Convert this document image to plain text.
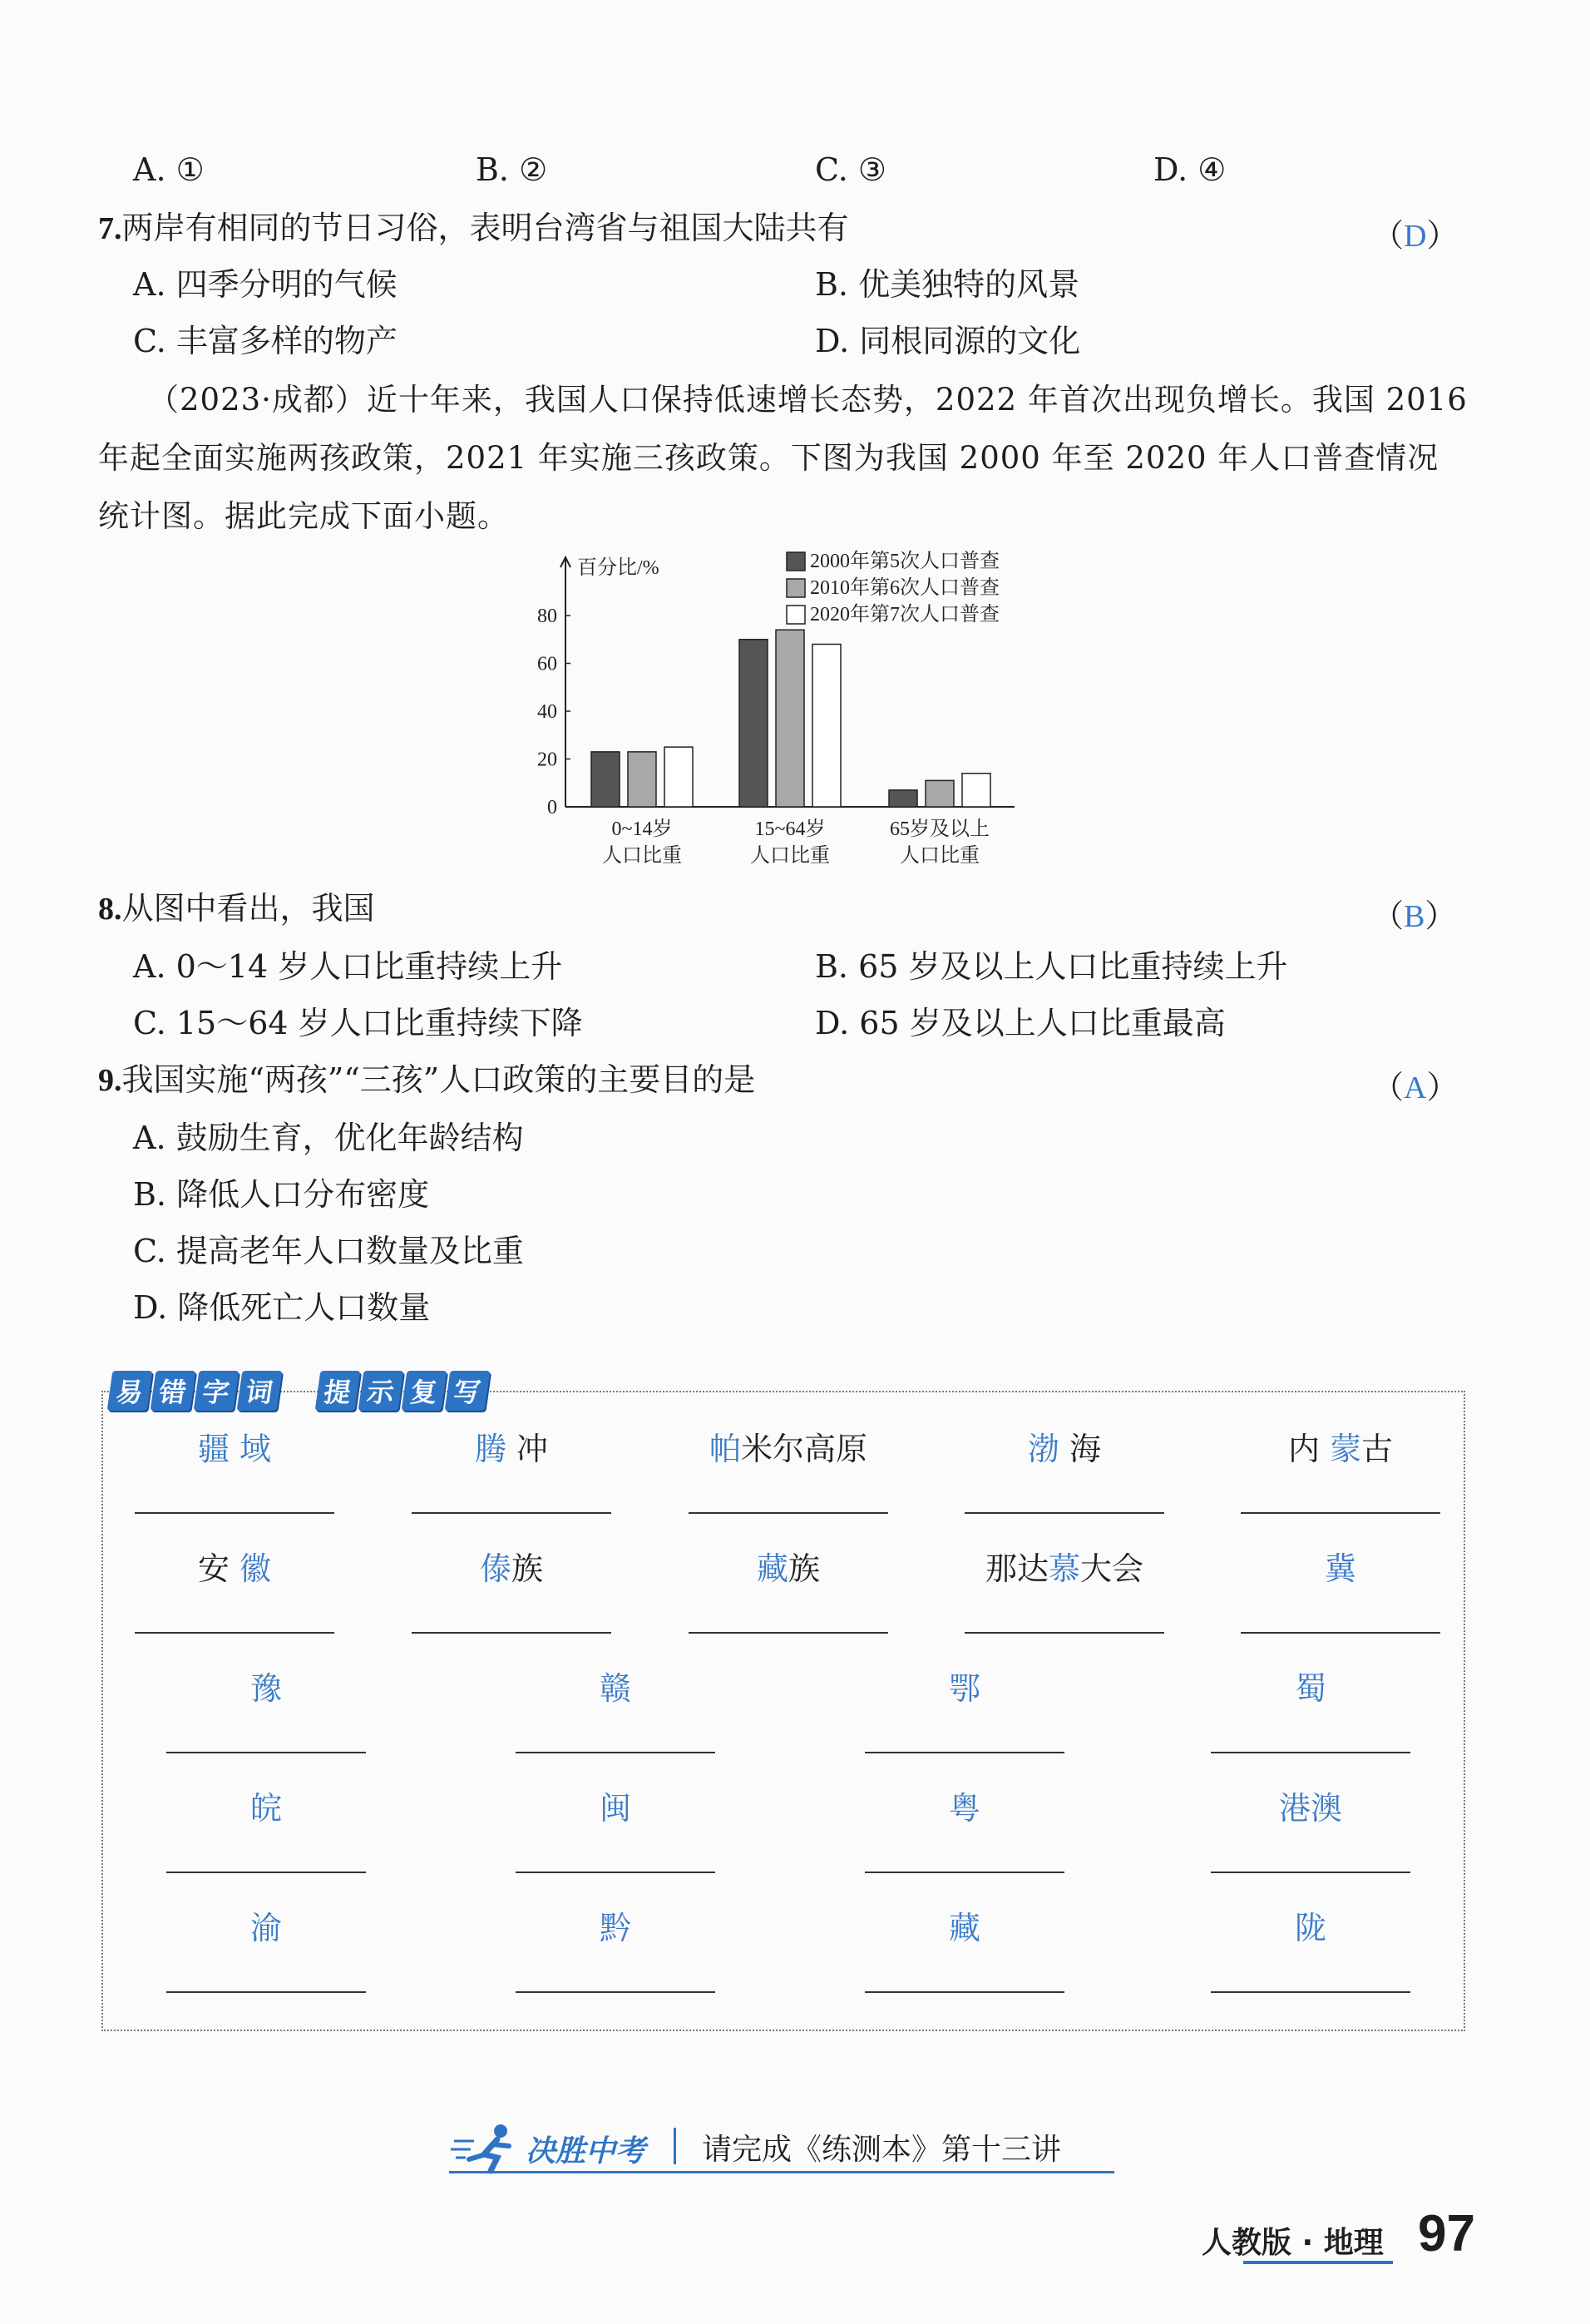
A. ①	B. ②	C. ③	D. ④
7.两岸有相同的节日习俗，表明台湾省与祖国大陆共有	（D）
A. 四季分明的气候	B. 优美独特的风景
C. 丰富多样的物产	D. 同根同源的文化
（2023·成都）近十年来，我国人口保持低速增长态势，2022 年首次出现负增长。我国 2016 年起全面实施两孩政策，2021 年实施三孩政策。下图为我国 2000 年至 2020 年人口普查情况统计图。据此完成下面小题。
百分比/%
0
20
40
60
80
2000年第5次人口普查
2010年第6次人口普查
2020年第7次人口普查
0~14岁
人口比重
15~64岁
人口比重
65岁及以上
人口比重
8.从图中看出，我国	（B）
A. 0～14 岁人口比重持续上升	B. 65 岁及以上人口比重持续上升
C. 15～64 岁人口比重持续下降	D. 65 岁及以上人口比重最高
9.我国实施“两孩”“三孩”人口政策的主要目的是	（A）
A. 鼓励生育，优化年龄结构
B. 降低人口分布密度
C. 提高老年人口数量及比重
D. 降低死亡人口数量
易 错 字 词 提 示 复 写
疆 域	腾 冲	帕米尔高原	渤 海	内 蒙古
安 徽	傣族	藏族	那达慕大会	冀
豫	赣	鄂	蜀
皖	闽	粤	港澳
渝	黔	藏	陇
决胜中考 请完成《练测本》第十三讲
人教版 · 地理 97
